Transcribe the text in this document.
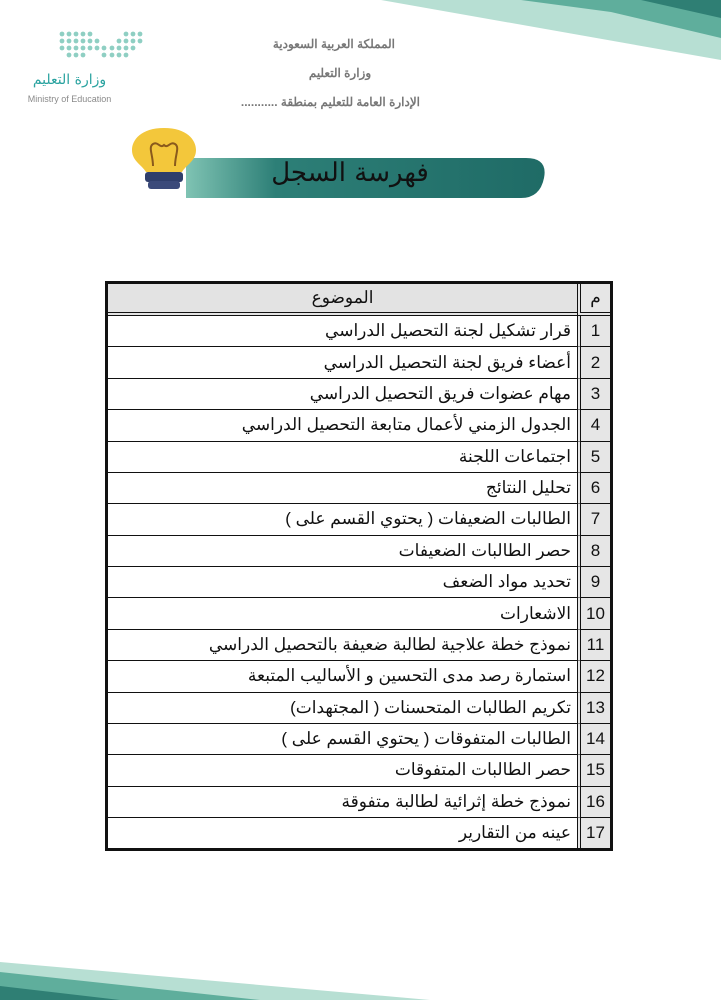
وزارة التعليم
Ministry of Education
المملكة العربية السعودية
وزارة التعليم
الإدارة العامة للتعليم بمنطقة ...........
فهرسة السجل
م	الموضوع
1	قرار تشكيل لجنة التحصيل الدراسي
2	أعضاء فريق لجنة التحصيل الدراسي
3	مهام عضوات فريق التحصيل الدراسي
4	الجدول الزمني لأعمال متابعة التحصيل الدراسي
5	اجتماعات اللجنة
6	تحليل النتائج
7	الطالبات الضعيفات ( يحتوي القسم على )
8	حصر الطالبات الضعيفات
9	تحديد مواد الضعف
10	الاشعارات
11	نموذج خطة علاجية لطالبة ضعيفة بالتحصيل الدراسي
12	استمارة رصد مدى التحسين و الأساليب المتبعة
13	تكريم الطالبات المتحسنات ( المجتهدات)
14	الطالبات المتفوقات ( يحتوي القسم على )
15	حصر الطالبات المتفوقات
16	نموذج خطة إثرائية لطالبة متفوقة
17	عينه من التقارير
